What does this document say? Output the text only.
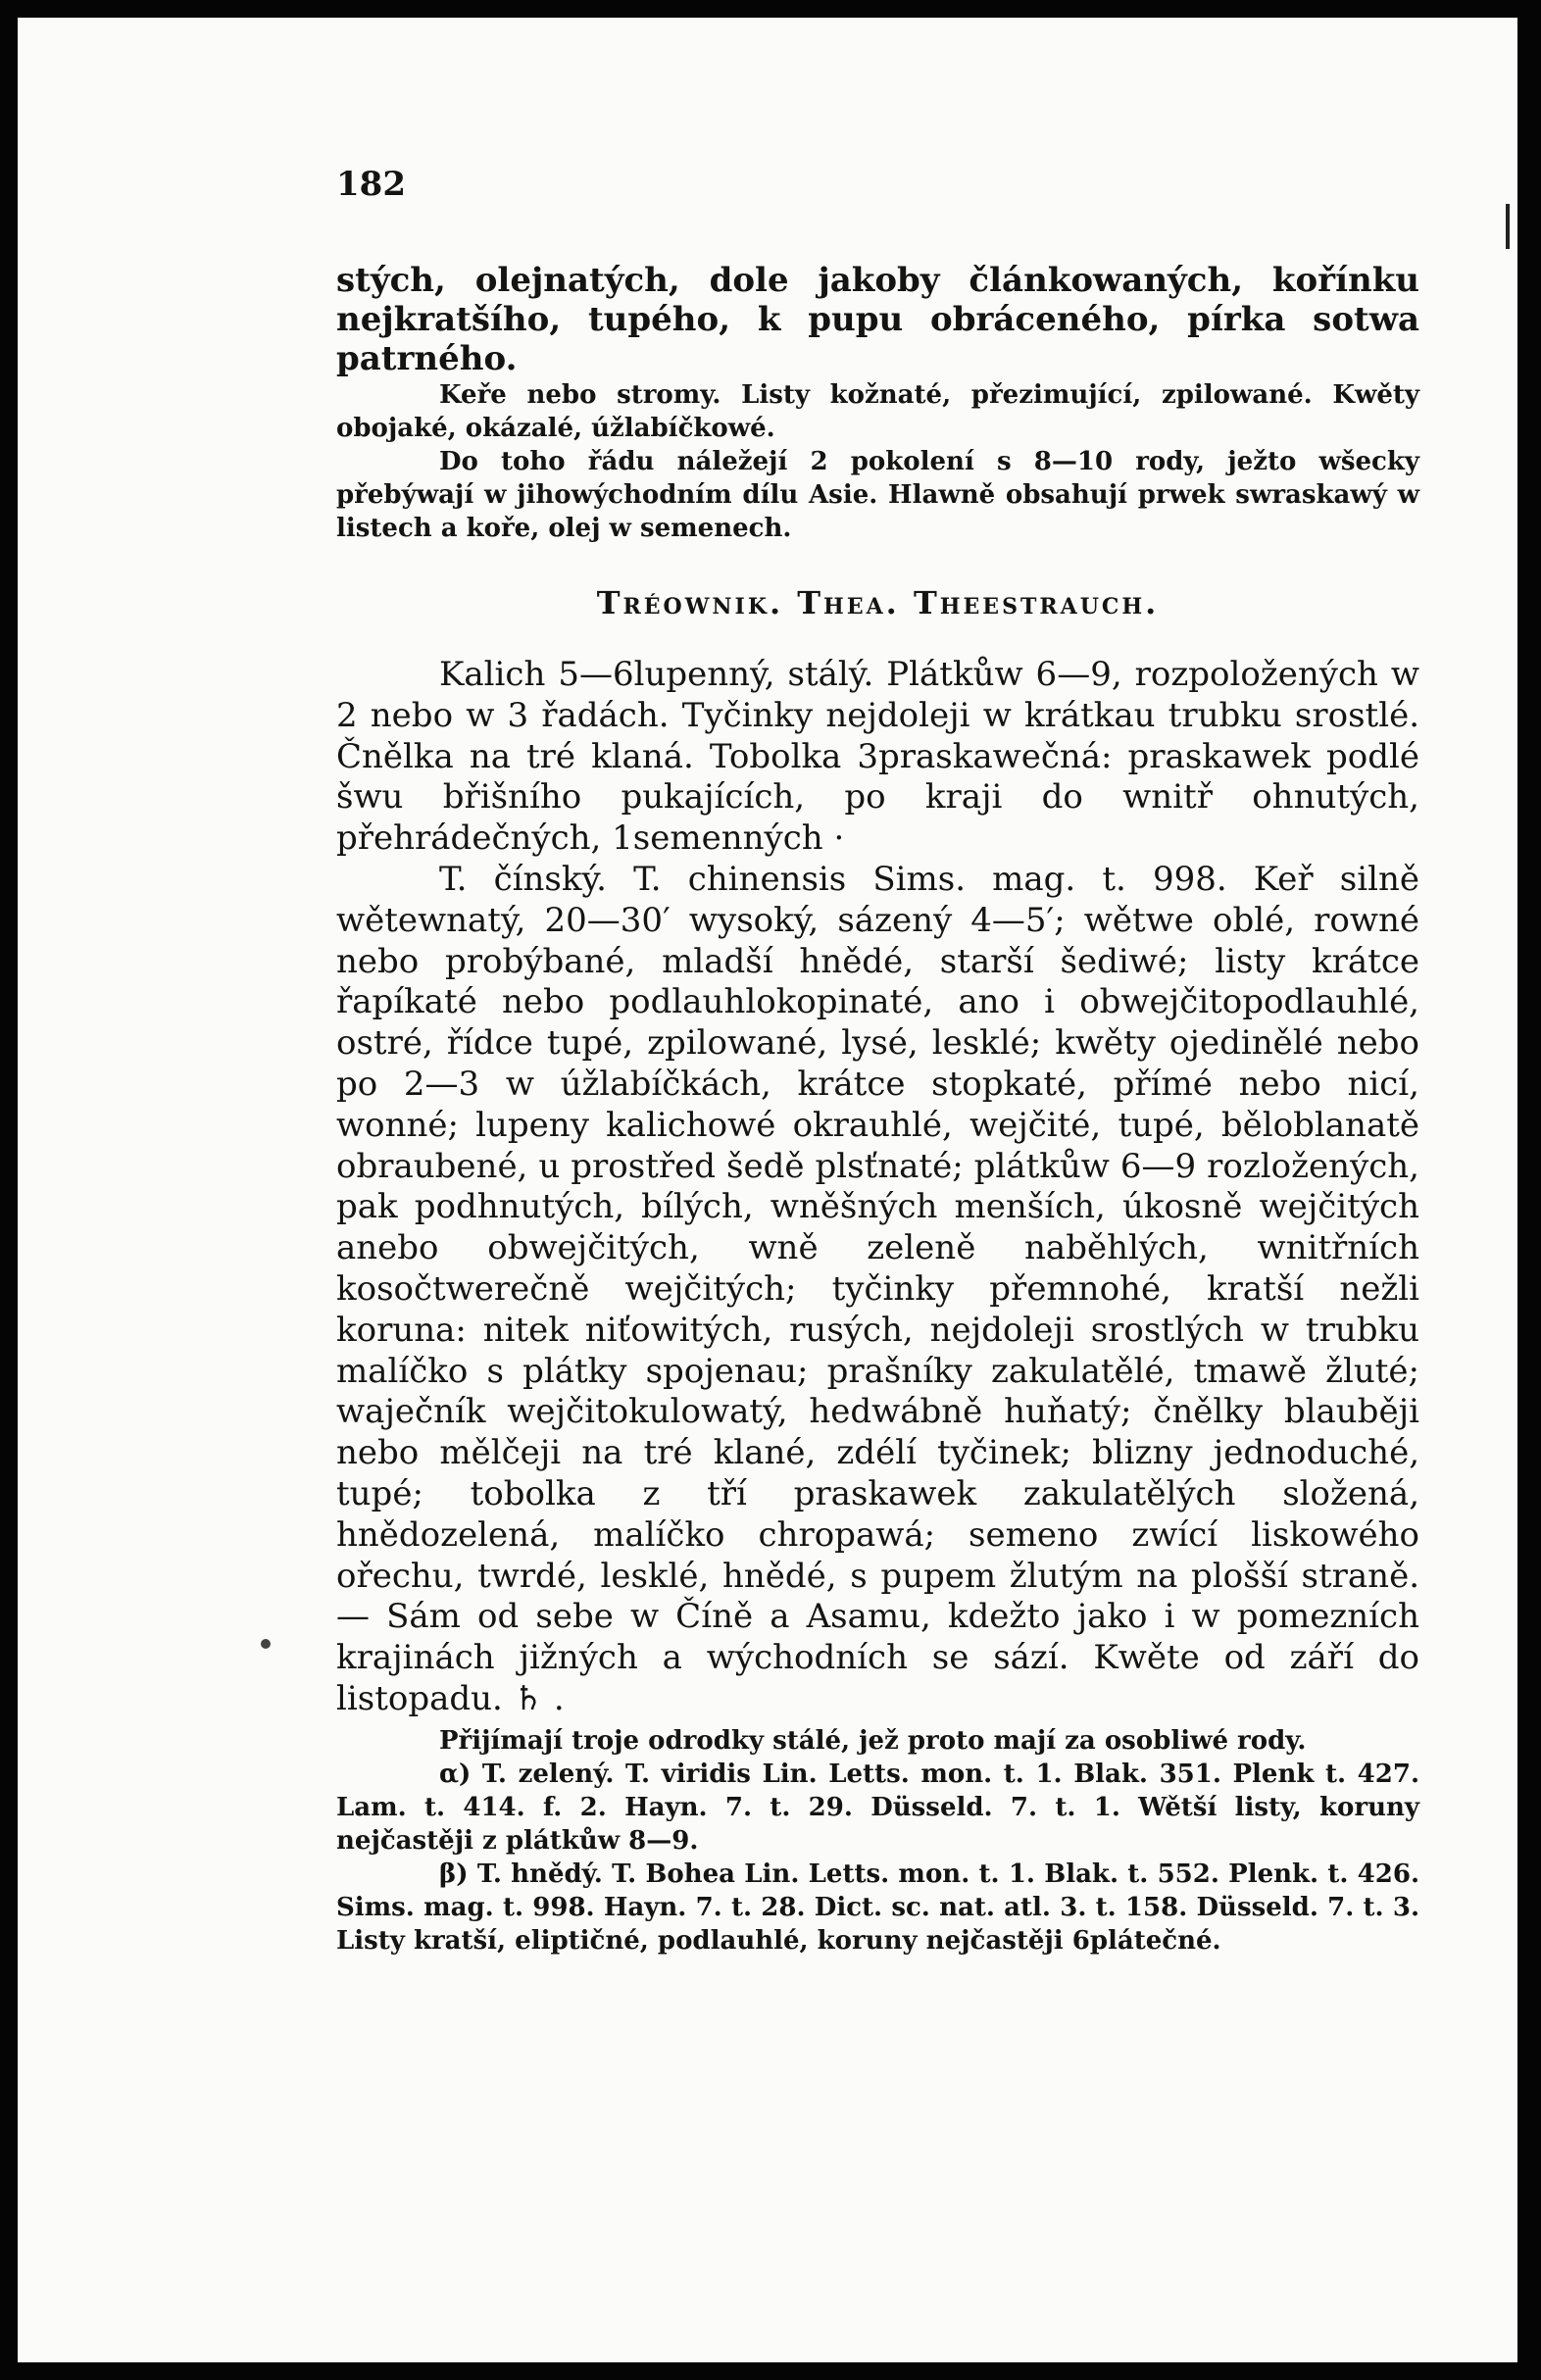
182

stých, olejnatých, dole jakoby článkowaných, kořínku nejkratšího, tupého, k pupu obráceného, pírka sotwa patrného.

Keře nebo stromy. Listy kožnaté, přezimující, zpilowané. Kwěty obojaké, okázalé, úžlabíčkowé.

Do toho řádu náležejí 2 pokolení s 8—10 rody, ježto wšecky přebýwají w jihowýchodním dílu Asie. Hlawně obsahují prwek swraskawý w listech a koře, olej w semenech.

Tréownik. Thea. Theestrauch.

Kalich 5—6lupenný, stálý. Plátkůw 6—9, rozpoložených w 2 nebo w 3 řadách. Tyčinky nejdoleji w krátkau trubku srostlé. Čnělka na tré klaná. Tobolka 3praskawečná: praskawek podlé šwu břišního pukajících, po kraji do wnitř ohnutých, přehrádečných, 1semenných ·

T. čínský. T. chinensis Sims. mag. t. 998. Keř silně wětewnatý, 20—30′ wysoký, sázený 4—5′; wětwe oblé, rowné nebo probýbané, mladší hnědé, starší šediwé; listy krátce řapíkaté nebo podlauhlokopinaté, ano i obwejčitopodlauhlé, ostré, řídce tupé, zpilowané, lysé, lesklé; kwěty ojedinělé nebo po 2—3 w úžlabíčkách, krátce stopkaté, přímé nebo nicí, wonné; lupeny kalichowé okrauhlé, wejčité, tupé, běloblanatě obraubené, u prostřed šedě plsťnaté; plátkůw 6—9 rozložených, pak podhnutých, bílých, wněšných menších, úkosně wejčitých anebo obwejčitých, wně zeleně naběhlých, wnitřních kosočtwerečně wejčitých; tyčinky přemnohé, kratší nežli koruna: nitek niťowitých, rusých, nejdoleji srostlých w trubku malíčko s plátky spojenau; prašníky zakulatělé, tmawě žluté; waječník wejčitokulowatý, hedwábně huňatý; čnělky blauběji nebo mělčeji na tré klané, zdélí tyčinek; blizny jednoduché, tupé; tobolka z tří praskawek zakulatělých složená, hnědozelená, malíčko chropawá; semeno zwící liskowého ořechu, twrdé, lesklé, hnědé, s pupem žlutým na plošší straně. — Sám od sebe w Číně a Asamu, kdežto jako i w pomezních krajinách jižných a wýchodních se sází. Kwěte od září do listopadu. ♄ .

Přijímají troje odrodky stálé, jež proto mají za osobliwé rody.

α) T. zelený. T. viridis Lin. Letts. mon. t. 1. Blak. 351. Plenk t. 427. Lam. t. 414. f. 2. Hayn. 7. t. 29. Düsseld. 7. t. 1. Wětší listy, koruny nejčastěji z plátkůw 8—9.

β) T. hnědý. T. Bohea Lin. Letts. mon. t. 1. Blak. t. 552. Plenk. t. 426. Sims. mag. t. 998. Hayn. 7. t. 28. Dict. sc. nat. atl. 3. t. 158. Düsseld. 7. t. 3. Listy kratší, eliptičné, podlauhlé, koruny nejčastěji 6plátečné.
